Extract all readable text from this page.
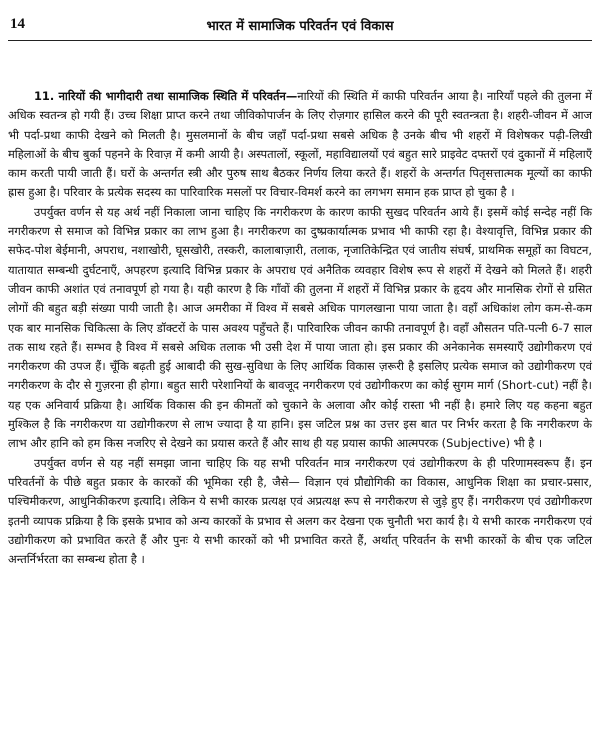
14	भारत में सामाजिक परिवर्तन एवं विकास

11. नारियों की भागीदारी तथा सामाजिक स्थिति में परिवर्तन—नारियों की स्थिति में काफी परिवर्तन आया है। नारियाँ पहले की तुलना में अधिक स्वतन्त्र हो गयी हैं। उच्च शिक्षा प्राप्त करने तथा जीविकोपार्जन के लिए रोज़गार हासिल करने की पूरी स्वतन्त्रता है। शहरी-जीवन में आज भी पर्दा-प्रथा काफी देखने को मिलती है। मुसलमानों के बीच जहाँ पर्दा-प्रथा सबसे अधिक है उनके बीच भी शहरों में विशेषकर पढ़ी-लिखी महिलाओं के बीच बुर्का पहनने के रिवाज़ में कमी आयी है। अस्पतालों, स्कूलों, महाविद्यालयों एवं बहुत सारे प्राइवेट दफ्तरों एवं दुकानों में महिलाएँ काम करती पायी जाती हैं। घरों के अन्तर्गत स्त्री और पुरुष साथ बैठकर निर्णय लिया करते हैं। शहरों के अन्तर्गत पितृसत्तात्मक मूल्यों का काफी ह्रास हुआ है। परिवार के प्रत्येक सदस्य का पारिवारिक मसलों पर विचार-विमर्श करने का लगभग समान हक प्राप्त हो चुका है ।

उपर्युक्त वर्णन से यह अर्थ नहीं निकाला जाना चाहिए कि नगरीकरण के कारण काफी सुखद परिवर्तन आये हैं। इसमें कोई सन्देह नहीं कि नगरीकरण से समाज को विभिन्न प्रकार का लाभ हुआ है। नगरीकरण का दुष्प्रकार्यात्मक प्रभाव भी काफी रहा है। वेश्यावृत्ति, विभिन्न प्रकार की सफेद-पोश बेईमानी, अपराध, नशाखोरी, घूसखोरी, तस्करी, कालाबाज़ारी, तलाक, नृजातिकेन्द्रित एवं जातीय संघर्ष, प्राथमिक समूहों का विघटन, यातायात सम्बन्धी दुर्घटनाएँ, अपहरण इत्यादि विभिन्न प्रकार के अपराध एवं अनैतिक व्यवहार विशेष रूप से शहरों में देखने को मिलते हैं। शहरी जीवन काफी अशांत एवं तनावपूर्ण हो गया है। यही कारण है कि गाँवों की तुलना में शहरों में विभिन्न प्रकार के हृदय और मानसिक रोगों से ग्रसित लोगों की बहुत बड़ी संख्या पायी जाती है। आज अमरीका में विश्व में सबसे अधिक पागलखाना पाया जाता है। वहाँ अधिकांश लोग कम-से-कम एक बार मानसिक चिकित्सा के लिए डॉक्टरों के पास अवश्य पहुँचते हैं। पारिवारिक जीवन काफी तनावपूर्ण है। वहाँ औसतन पति-पत्नी 6-7 साल तक साथ रहते हैं। सम्भव है विश्व में सबसे अधिक तलाक भी उसी देश में पाया जाता हो। इस प्रकार की अनेकानेक समस्याएँ उद्योगीकरण एवं नगरीकरण की उपज हैं। चूँकि बढ़ती हुई आबादी की सुख-सुविधा के लिए आर्थिक विकास ज़रूरी है इसलिए प्रत्येक समाज को उद्योगीकरण एवं नगरीकरण के दौर से गुज़रना ही होगा। बहुत सारी परेशानियों के बावजूद नगरीकरण एवं उद्योगीकरण का कोई सुगम मार्ग (Short-cut) नहीं है। यह एक अनिवार्य प्रक्रिया है। आर्थिक विकास की इन कीमतों को चुकाने के अलावा और कोई रास्ता भी नहीं है। हमारे लिए यह कहना बहुत मुश्किल है कि नगरीकरण या उद्योगीकरण से लाभ ज्यादा है या हानि। इस जटिल प्रश्न का उत्तर इस बात पर निर्भर करता है कि नगरीकरण के लाभ और हानि को हम किस नजरिए से देखने का प्रयास करते हैं और साथ ही यह प्रयास काफी आत्मपरक (Subjective) भी है ।

उपर्युक्त वर्णन से यह नहीं समझा जाना चाहिए कि यह सभी परिवर्तन मात्र नगरीकरण एवं उद्योगीकरण के ही परिणामस्वरूप हैं। इन परिवर्तनों के पीछे बहुत प्रकार के कारकों की भूमिका रही है, जैसे— विज्ञान एवं प्रौद्योगिकी का विकास, आधुनिक शिक्षा का प्रचार-प्रसार, पश्चिमीकरण, आधुनिकीकरण इत्यादि। लेकिन ये सभी कारक प्रत्यक्ष एवं अप्रत्यक्ष रूप से नगरीकरण से जुड़े हुए हैं। नगरीकरण एवं उद्योगीकरण इतनी व्यापक प्रक्रिया है कि इसके प्रभाव को अन्य कारकों के प्रभाव से अलग कर देखना एक चुनौती भरा कार्य है। ये सभी कारक नगरीकरण एवं उद्योगीकरण को प्रभावित करते हैं और पुनः ये सभी कारकों को भी प्रभावित करते हैं, अर्थात् परिवर्तन के सभी कारकों के बीच एक जटिल अन्तर्निर्भरता का सम्बन्ध होता है ।
